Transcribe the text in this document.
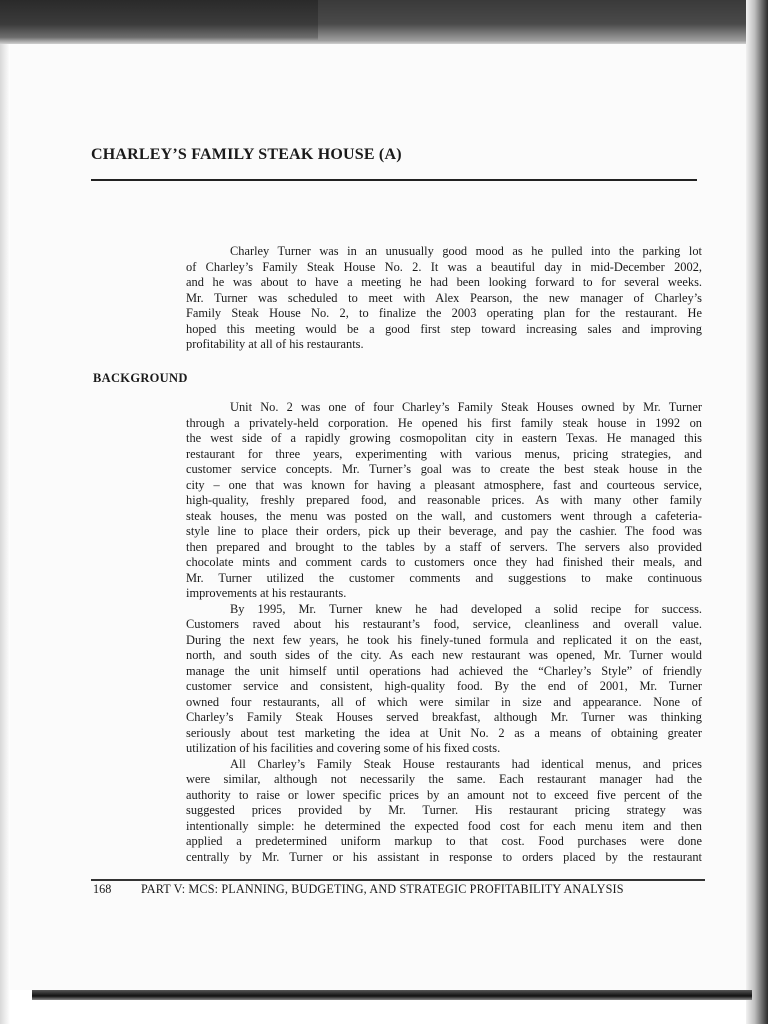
CHARLEY’S FAMILY STEAK HOUSE (A)
Charley Turner was in an unusually good mood as he pulled into the parking lot
of Charley’s Family Steak House No. 2. It was a beautiful day in mid-December 2002,
and he was about to have a meeting he had been looking forward to for several weeks.
Mr. Turner was scheduled to meet with Alex Pearson, the new manager of Charley’s
Family Steak House No. 2, to finalize the 2003 operating plan for the restaurant. He
hoped this meeting would be a good first step toward increasing sales and improving
profitability at all of his restaurants.
BACKGROUND
Unit No. 2 was one of four Charley’s Family Steak Houses owned by Mr. Turner
through a privately-held corporation. He opened his first family steak house in 1992 on
the west side of a rapidly growing cosmopolitan city in eastern Texas. He managed this
restaurant for three years, experimenting with various menus, pricing strategies, and
customer service concepts. Mr. Turner’s goal was to create the best steak house in the
city – one that was known for having a pleasant atmosphere, fast and courteous service,
high-quality, freshly prepared food, and reasonable prices. As with many other family
steak houses, the menu was posted on the wall, and customers went through a cafeteria-
style line to place their orders, pick up their beverage, and pay the cashier. The food was
then prepared and brought to the tables by a staff of servers. The servers also provided
chocolate mints and comment cards to customers once they had finished their meals, and
Mr. Turner utilized the customer comments and suggestions to make continuous
improvements at his restaurants.
By 1995, Mr. Turner knew he had developed a solid recipe for success.
Customers raved about his restaurant’s food, service, cleanliness and overall value.
During the next few years, he took his finely-tuned formula and replicated it on the east,
north, and south sides of the city. As each new restaurant was opened, Mr. Turner would
manage the unit himself until operations had achieved the “Charley’s Style” of friendly
customer service and consistent, high-quality food. By the end of 2001, Mr. Turner
owned four restaurants, all of which were similar in size and appearance. None of
Charley’s Family Steak Houses served breakfast, although Mr. Turner was thinking
seriously about test marketing the idea at Unit No. 2 as a means of obtaining greater
utilization of his facilities and covering some of his fixed costs.
All Charley’s Family Steak House restaurants had identical menus, and prices
were similar, although not necessarily the same. Each restaurant manager had the
authority to raise or lower specific prices by an amount not to exceed five percent of the
suggested prices provided by Mr. Turner. His restaurant pricing strategy was
intentionally simple: he determined the expected food cost for each menu item and then
applied a predetermined uniform markup to that cost. Food purchases were done
centrally by Mr. Turner or his assistant in response to orders placed by the restaurant
168	PART V: MCS: PLANNING, BUDGETING, AND STRATEGIC PROFITABILITY ANALYSIS
